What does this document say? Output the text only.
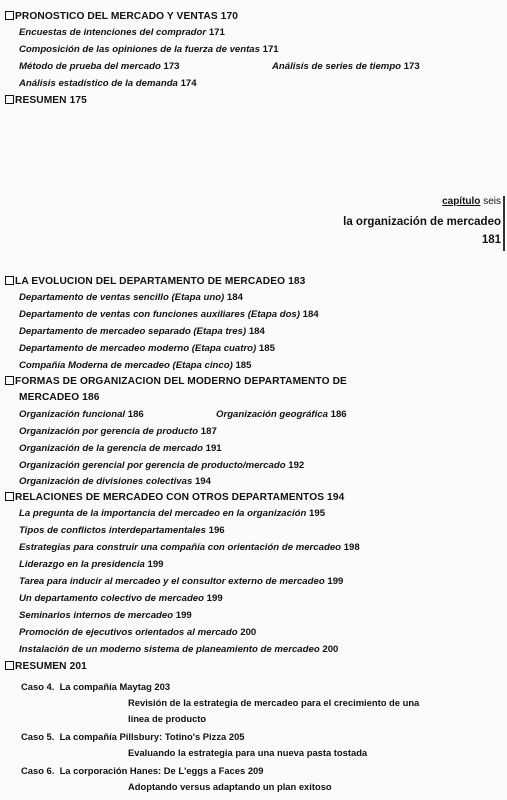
PRONOSTICO DEL MERCADO Y VENTAS 170
Encuestas de intenciones del comprador 171
Composición de las opiniones de la fuerza de ventas 171
Método de prueba del mercado 173	Análisis de series de tiempo 173
Análisis estadístico de la demanda 174
RESUMEN 175
capítulo seis
la organización de mercadeo
181
LA EVOLUCION DEL DEPARTAMENTO DE MERCADEO 183
Departamento de ventas sencillo (Etapa uno) 184
Departamento de ventas con funciones auxiliares (Etapa dos) 184
Departamento de mercadeo separado (Etapa tres) 184
Departamento de mercadeo moderno (Etapa cuatro) 185
Compañía Moderna de mercadeo (Etapa cinco) 185
FORMAS DE ORGANIZACION DEL MODERNO DEPARTAMENTO DE
MERCADEO 186
Organización funcional 186	Organización geográfica 186
Organización por gerencia de producto 187
Organización de la gerencia de mercado 191
Organización gerencial por gerencia de producto/mercado 192
Organización de divisiones colectivas 194
RELACIONES DE MERCADEO CON OTROS DEPARTAMENTOS 194
La pregunta de la importancia del mercadeo en la organización 195
Tipos de conflictos interdepartamentales 196
Estrategias para construir una compañía con orientación de mercadeo 198
Liderazgo en la presidencia 199
Tarea para inducir al mercadeo y el consultor externo de mercadeo 199
Un departamento colectivo de mercadeo 199
Seminarios internos de mercadeo 199
Promoción de ejecutivos orientados al mercado 200
Instalación de un moderno sistema de planeamiento de mercadeo 200
RESUMEN 201
Caso 4. La compañía Maytag 203
Revisión de la estrategia de mercadeo para el crecimiento de una
línea de producto
Caso 5. La compañía Pillsbury: Totino's Pizza 205
Evaluando la estrategia para una nueva pasta tostada
Caso 6. La corporación Hanes: De L'eggs a Faces 209
Adoptando versus adaptando un plan exitoso
